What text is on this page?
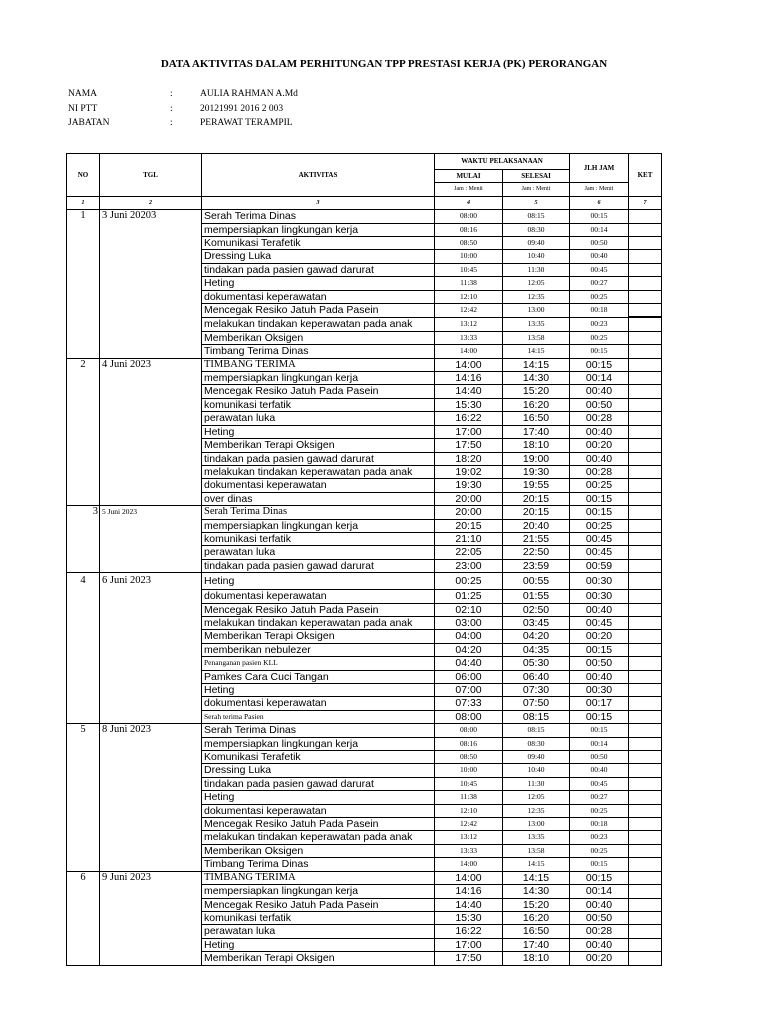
DATA AKTIVITAS DALAM PERHITUNGAN TPP PRESTASI KERJA (PK) PERORANGAN
NAMA	:	AULIA RAHMAN A.Md
NI PTT	:	20121991 2016 2 003
JABATAN	:	PERAWAT TERAMPIL
NO	TGL	AKTIVITAS	WAKTU PELAKSANAAN		JLH JAM	KET
			MULAI	SELESAI		
			Jam : Menit	Jam : Menit	Jam : Menit	
1	2	3	4	5	6	7
1	3 Juni 20203	Serah Terima Dinas	08:00	08:15	00:15	
		mempersiapkan lingkungan kerja	08:16	08:30	00:14	
		Komunikasi Terafetik	08:50	09:40	00:50	
		Dressing Luka	10:00	10:40	00:40	
		tindakan pada pasien gawad darurat	10:45	11:30	00:45	
		Heting	11:38	12:05	00:27	
		dokumentasi keperawatan	12:10	12:35	00:25	
		Mencegak Resiko Jatuh Pada Pasein	12:42	13:00	00:18	
		melakukan tindakan keperawatan pada anak	13:12	13:35	00:23	
		Memberikan Oksigen	13:33	13:58	00:25	
		Timbang Terima Dinas	14:00	14:15	00:15	
2	4 Juni 2023	TIMBANG TERIMA	14:00	14:15	00:15	
		mempersiapkan lingkungan kerja	14:16	14:30	00:14	
		Mencegak Resiko Jatuh Pada Pasein	14:40	15:20	00:40	
		komunikasi terfatik	15:30	16:20	00:50	
		perawatan luka	16:22	16:50	00:28	
		Heting	17:00	17:40	00:40	
		Memberikan Terapi Oksigen	17:50	18:10	00:20	
		tindakan pada pasien gawad darurat	18:20	19:00	00:40	
		melakukan tindakan keperawatan pada anak	19:02	19:30	00:28	
		dokumentasi keperawatan	19:30	19:55	00:25	
		over dinas	20:00	20:15	00:15	
3	5 Juni 2023	Serah Terima Dinas	20:00	20:15	00:15	
		mempersiapkan lingkungan kerja	20:15	20:40	00:25	
		komunikasi terfatik	21:10	21:55	00:45	
		perawatan luka	22:05	22:50	00:45	
		tindakan pada pasien gawad darurat	23:00	23:59	00:59	
4	6 Juni 2023	Heting	00:25	00:55	00:30	
		dokumentasi keperawatan	01:25	01:55	00:30	
		Mencegak Resiko Jatuh Pada Pasein	02:10	02:50	00:40	
		melakukan tindakan keperawatan pada anak	03:00	03:45	00:45	
		Memberikan Terapi Oksigen	04:00	04:20	00:20	
		memberikan nebulezer	04:20	04:35	00:15	
		Penanganan pasien KLL	04:40	05:30	00:50	
		Pamkes Cara Cuci Tangan	06:00	06:40	00:40	
		Heting	07:00	07:30	00:30	
		dokumentasi keperawatan	07:33	07:50	00:17	
		Serah terima Pasien	08:00	08:15	00:15	
5	8 Juni 2023	Serah Terima Dinas	08:00	08:15	00:15	
		mempersiapkan lingkungan kerja	08:16	08:30	00:14	
		Komunikasi Terafetik	08:50	09:40	00:50	
		Dressing Luka	10:00	10:40	00:40	
		tindakan pada pasien gawad darurat	10:45	11:30	00:45	
		Heting	11:38	12:05	00:27	
		dokumentasi keperawatan	12:10	12:35	00:25	
		Mencegak Resiko Jatuh Pada Pasein	12:42	13:00	00:18	
		melakukan tindakan keperawatan pada anak	13:12	13:35	00:23	
		Memberikan Oksigen	13:33	13:58	00:25	
		Timbang Terima Dinas	14:00	14:15	00:15	
6	9 Juni 2023	TIMBANG TERIMA	14:00	14:15	00:15	
		mempersiapkan lingkungan kerja	14:16	14:30	00:14	
		Mencegak Resiko Jatuh Pada Pasein	14:40	15:20	00:40	
		komunikasi terfatik	15:30	16:20	00:50	
		perawatan luka	16:22	16:50	00:28	
		Heting	17:00	17:40	00:40	
		Memberikan Terapi Oksigen	17:50	18:10	00:20	
